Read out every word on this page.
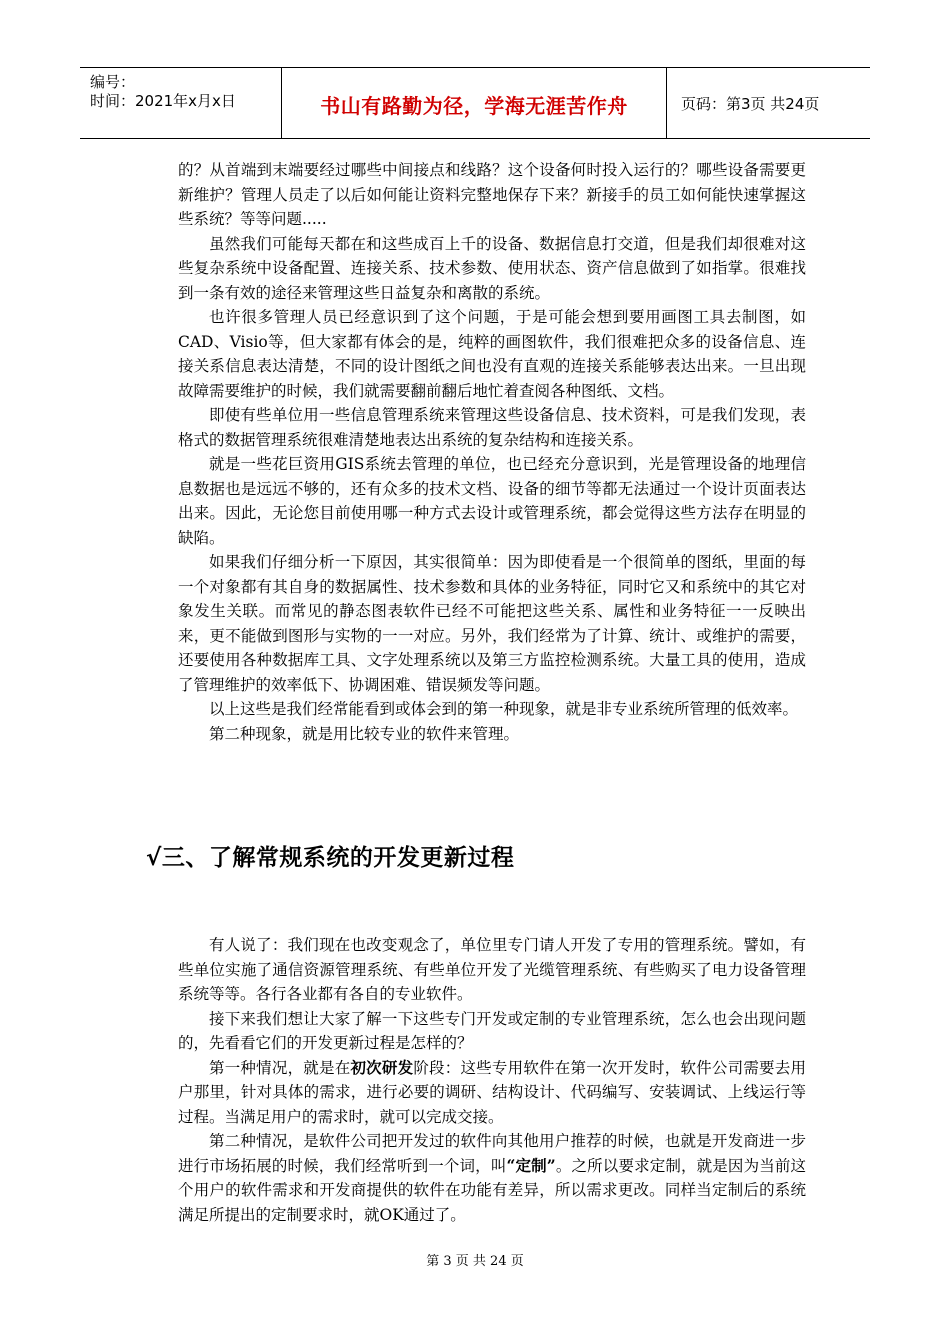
编号：
时间：2021年x月x日	书山有路勤为径，学海无涯苦作舟	页码：第3页 共24页

的？从首端到末端要经过哪些中间接点和线路？这个设备何时投入运行的？哪些设备需要更新维护？管理人员走了以后如何能让资料完整地保存下来？新接手的员工如何能快速掌握这些系统？等等问题.....

虽然我们可能每天都在和这些成百上千的设备、数据信息打交道，但是我们却很难对这些复杂系统中设备配置、连接关系、技术参数、使用状态、资产信息做到了如指掌。很难找到一条有效的途径来管理这些日益复杂和离散的系统。

也许很多管理人员已经意识到了这个问题，于是可能会想到要用画图工具去制图，如CAD、Visio等，但大家都有体会的是，纯粹的画图软件，我们很难把众多的设备信息、连接关系信息表达清楚，不同的设计图纸之间也没有直观的连接关系能够表达出来。一旦出现故障需要维护的时候，我们就需要翻前翻后地忙着查阅各种图纸、文档。

即使有些单位用一些信息管理系统来管理这些设备信息、技术资料，可是我们发现，表格式的数据管理系统很难清楚地表达出系统的复杂结构和连接关系。

就是一些花巨资用GIS系统去管理的单位，也已经充分意识到，光是管理设备的地理信息数据也是远远不够的，还有众多的技术文档、设备的细节等都无法通过一个设计页面表达出来。因此，无论您目前使用哪一种方式去设计或管理系统，都会觉得这些方法存在明显的缺陷。

如果我们仔细分析一下原因，其实很简单：因为即使看是一个很简单的图纸，里面的每一个对象都有其自身的数据属性、技术参数和具体的业务特征，同时它又和系统中的其它对象发生关联。而常见的静态图表软件已经不可能把这些关系、属性和业务特征一一反映出来，更不能做到图形与实物的一一对应。另外，我们经常为了计算、统计、或维护的需要，还要使用各种数据库工具、文字处理系统以及第三方监控检测系统。大量工具的使用，造成了管理维护的效率低下、协调困难、错误频发等问题。

以上这些是我们经常能看到或体会到的第一种现象，就是非专业系统所管理的低效率。

第二种现象，就是用比较专业的软件来管理。

√三、了解常规系统的开发更新过程

有人说了：我们现在也改变观念了，单位里专门请人开发了专用的管理系统。譬如，有些单位实施了通信资源管理系统、有些单位开发了光缆管理系统、有些购买了电力设备管理系统等等。各行各业都有各自的专业软件。

接下来我们想让大家了解一下这些专门开发或定制的专业管理系统，怎么也会出现问题的，先看看它们的开发更新过程是怎样的？

第一种情况，就是在初次研发阶段：这些专用软件在第一次开发时，软件公司需要去用户那里，针对具体的需求，进行必要的调研、结构设计、代码编写、安装调试、上线运行等过程。当满足用户的需求时，就可以完成交接。

第二种情况，是软件公司把开发过的软件向其他用户推荐的时候，也就是开发商进一步进行市场拓展的时候，我们经常听到一个词，叫“定制”。之所以要求定制，就是因为当前这个用户的软件需求和开发商提供的软件在功能有差异，所以需求更改。同样当定制后的系统满足所提出的定制要求时，就OK通过了。

第 3 页 共 24 页
